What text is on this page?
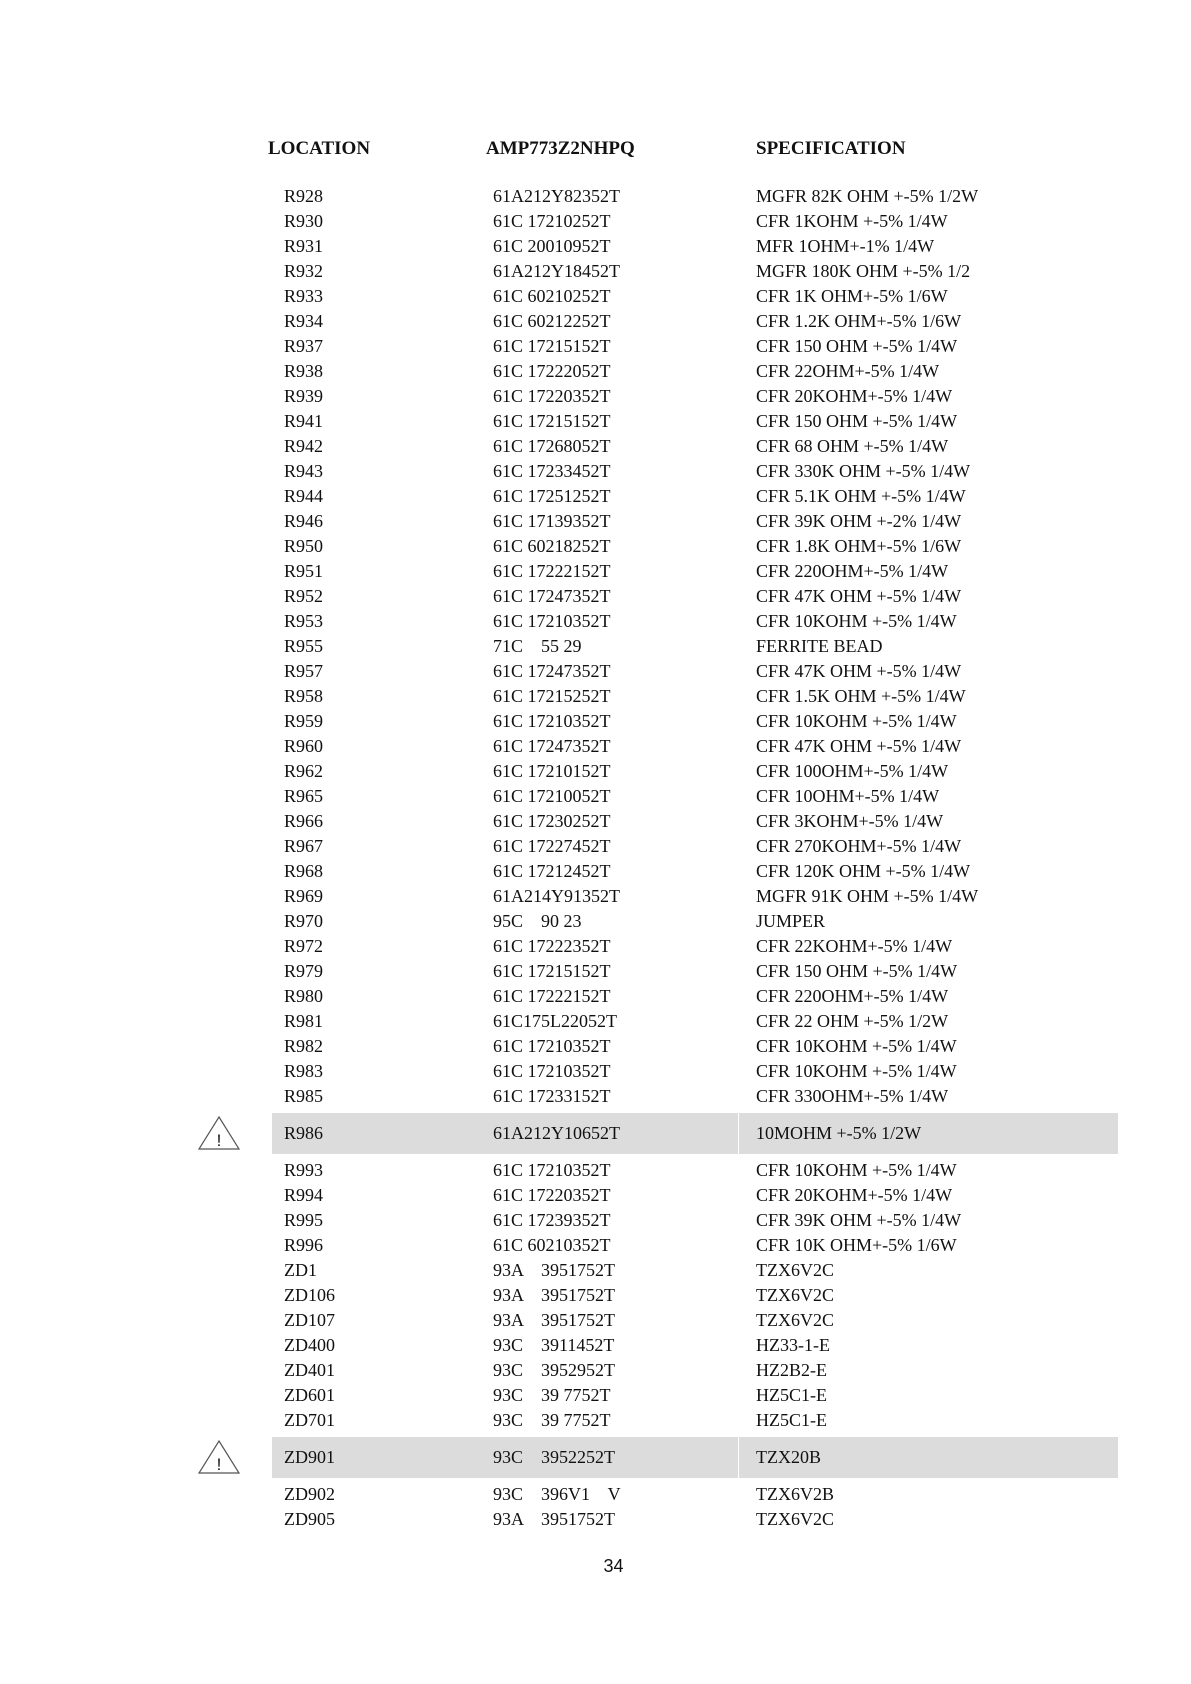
LOCATION	AMP773Z2NHPQ	SPECIFICATION
R928	61A212Y82352T	MGFR 82K OHM +-5% 1/2W
R930	61C 17210252T	CFR 1KOHM +-5% 1/4W
R931	61C 20010952T	MFR 1OHM+-1% 1/4W
R932	61A212Y18452T	MGFR 180K OHM +-5% 1/2
R933	61C 60210252T	CFR 1K OHM+-5% 1/6W
R934	61C 60212252T	CFR 1.2K OHM+-5% 1/6W
R937	61C 17215152T	CFR 150 OHM +-5% 1/4W
R938	61C 17222052T	CFR 22OHM+-5% 1/4W
R939	61C 17220352T	CFR 20KOHM+-5% 1/4W
R941	61C 17215152T	CFR 150 OHM +-5% 1/4W
R942	61C 17268052T	CFR 68 OHM +-5% 1/4W
R943	61C 17233452T	CFR 330K OHM +-5% 1/4W
R944	61C 17251252T	CFR 5.1K OHM +-5% 1/4W
R946	61C 17139352T	CFR 39K OHM +-2% 1/4W
R950	61C 60218252T	CFR 1.8K OHM+-5% 1/6W
R951	61C 17222152T	CFR 220OHM+-5% 1/4W
R952	61C 17247352T	CFR 47K OHM +-5% 1/4W
R953	61C 17210352T	CFR 10KOHM +-5% 1/4W
R955	71C    55 29	FERRITE BEAD
R957	61C 17247352T	CFR 47K OHM +-5% 1/4W
R958	61C 17215252T	CFR 1.5K OHM +-5% 1/4W
R959	61C 17210352T	CFR 10KOHM +-5% 1/4W
R960	61C 17247352T	CFR 47K OHM +-5% 1/4W
R962	61C 17210152T	CFR 100OHM+-5% 1/4W
R965	61C 17210052T	CFR 10OHM+-5% 1/4W
R966	61C 17230252T	CFR 3KOHM+-5% 1/4W
R967	61C 17227452T	CFR 270KOHM+-5% 1/4W
R968	61C 17212452T	CFR 120K OHM +-5% 1/4W
R969	61A214Y91352T	MGFR 91K OHM +-5% 1/4W
R970	95C    90 23	JUMPER
R972	61C 17222352T	CFR 22KOHM+-5% 1/4W
R979	61C 17215152T	CFR 150 OHM +-5% 1/4W
R980	61C 17222152T	CFR 220OHM+-5% 1/4W
R981	61C175L22052T	CFR 22 OHM +-5% 1/2W
R982	61C 17210352T	CFR 10KOHM +-5% 1/4W
R983	61C 17210352T	CFR 10KOHM +-5% 1/4W
R985	61C 17233152T	CFR 330OHM+-5% 1/4W
!	R986	61A212Y10652T	10MOHM +-5% 1/2W
R993	61C 17210352T	CFR 10KOHM +-5% 1/4W
R994	61C 17220352T	CFR 20KOHM+-5% 1/4W
R995	61C 17239352T	CFR 39K OHM +-5% 1/4W
R996	61C 60210352T	CFR 10K OHM+-5% 1/6W
ZD1	93A    3951752T	TZX6V2C
ZD106	93A    3951752T	TZX6V2C
ZD107	93A    3951752T	TZX6V2C
ZD400	93C    3911452T	HZ33-1-E
ZD401	93C    3952952T	HZ2B2-E
ZD601	93C    39 7752T	HZ5C1-E
ZD701	93C    39 7752T	HZ5C1-E
!	ZD901	93C    3952252T	TZX20B
ZD902	93C    396V1    V	TZX6V2B
ZD905	93A    3951752T	TZX6V2C
34
